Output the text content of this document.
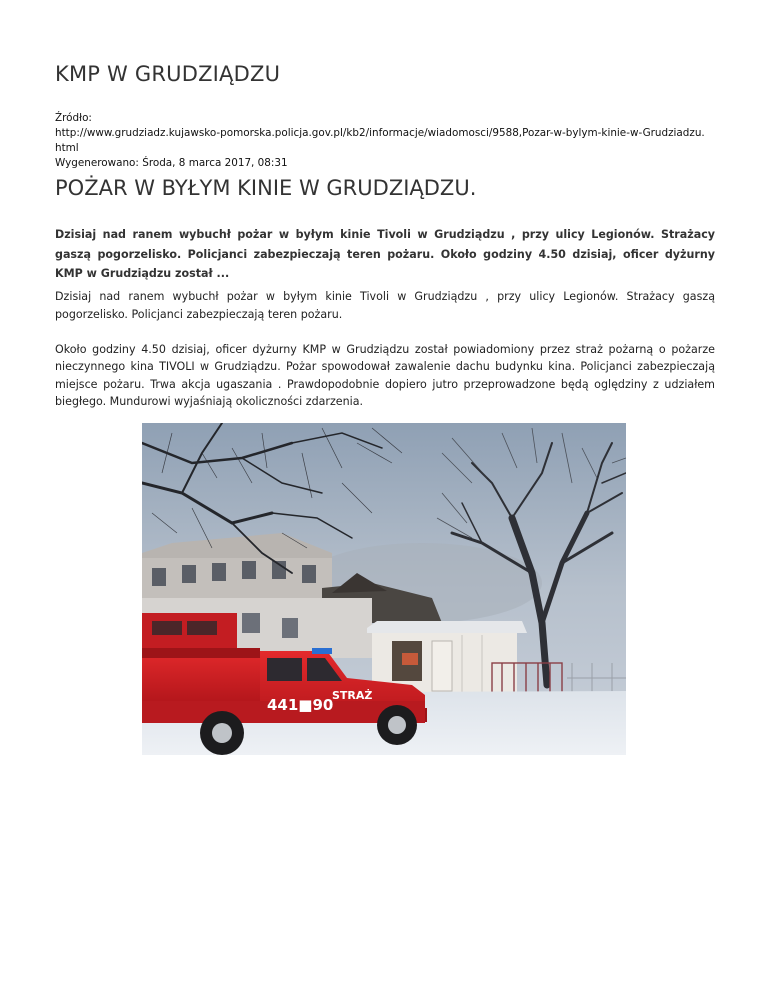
KMP W GRUDZIĄDZU
Źródło:
http://www.grudziadz.kujawsko-pomorska.policja.gov.pl/kb2/informacje/wiadomosci/9588,Pozar-w-bylym-kinie-w-Grudziadzu.
html
Wygenerowano: Środa, 8 marca 2017, 08:31
POŻAR W BYŁYM KINIE W GRUDZIĄDZU.
Dzisiaj nad ranem wybuchł pożar w byłym kinie Tivoli w Grudziądzu , przy ulicy Legionów. Strażacy gaszą pogorzelisko. Policjanci zabezpieczają teren pożaru. Około godziny 4.50 dzisiaj, oficer dyżurny KMP w Grudziądzu został ...

Dzisiaj nad ranem wybuchł pożar w byłym kinie Tivoli w Grudziądzu , przy ulicy Legionów. Strażacy gaszą pogorzelisko. Policjanci zabezpieczają teren pożaru.

Około godziny 4.50 dzisiaj, oficer dyżurny KMP w Grudziądzu został powiadomiony przez straż pożarną o pożarze nieczynnego kina TIVOLI w Grudziądzu. Pożar spowodował zawalenie dachu budynku kina. Policjanci zabezpieczają miejsce pożaru. Trwa akcja ugaszania . Prawdopodobnie dopiero jutro przeprowadzone będą oględziny z udziałem biegłego. Mundurowi wyjaśniają okoliczności zdarzenia.

441■90
STRAŻ
